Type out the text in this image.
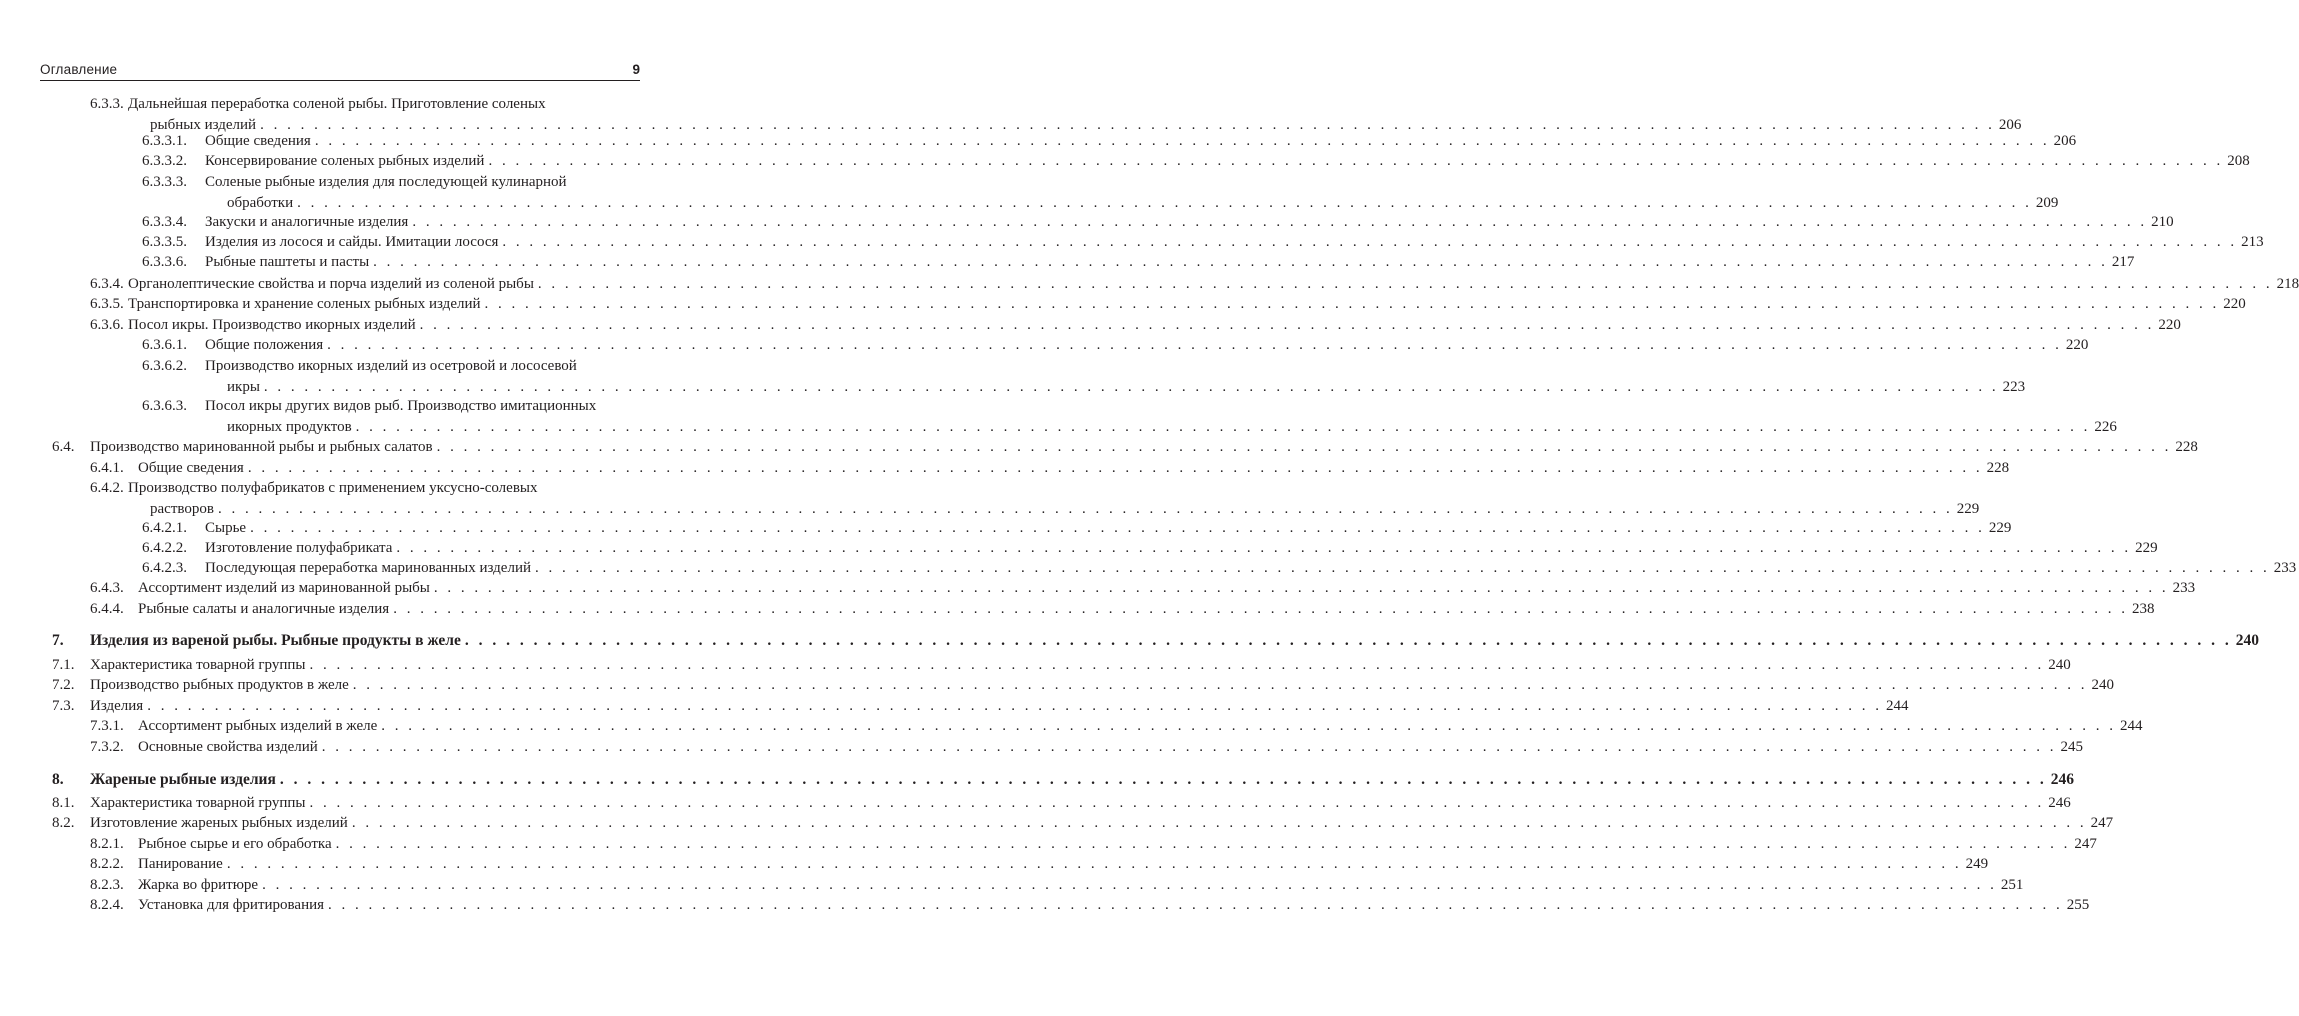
Оглавление	9
6.3.3. Дальнейшая переработка соленой рыбы. Приготовление соленых
рыбных изделий . . . . . . . . . . . . . . . . . . . . . . . . . . . . . . . . . . . . . . . . . . . . . . . . . . . . . . . . . . . . . . . . . . . . . . . . . . . . . . . . . . . . . . . . . . . . . . . . . . . . . . . . . . . . . . . . . . . . . . . . . . . . . . . . . 206
6.3.3.1. Общие сведения . . . . . . . . . . . . . . . . . . . . . . . . . . . . . . . . . . . . . . . . . . . . . . . . . . . . . . . . . . . . . . . . . . . . . . . . . . . . . . . . . . . . . . . . . . . . . . . . . . . . . . . . . . . . . . . . . . . . . . . . . . . . . . . . . 206
6.3.3.2. Консервирование соленых рыбных изделий . . . . . . . . . . . . . . . . . . . . . . . . . . . . . . . . . . . . . . . . . . . . . . . . . . . . . . . . . . . . . . . . . . . . . . . . . . . . . . . . . . . . . . . . . . . . . . . . . . . . . . . . . . . . . . . . . . . . . . . . . . . . . . . . . 208
6.3.3.3. Соленые рыбные изделия для последующей кулинарной
обработки . . . . . . . . . . . . . . . . . . . . . . . . . . . . . . . . . . . . . . . . . . . . . . . . . . . . . . . . . . . . . . . . . . . . . . . . . . . . . . . . . . . . . . . . . . . . . . . . . . . . . . . . . . . . . . . . . . . . . . . . . . . . . . . . . 209
6.3.3.4. Закуски и аналогичные изделия . . . . . . . . . . . . . . . . . . . . . . . . . . . . . . . . . . . . . . . . . . . . . . . . . . . . . . . . . . . . . . . . . . . . . . . . . . . . . . . . . . . . . . . . . . . . . . . . . . . . . . . . . . . . . . . . . . . . . . . . . . . . . . . . . 210
6.3.3.5. Изделия из лосося и сайды. Имитации лосося . . . . . . . . . . . . . . . . . . . . . . . . . . . . . . . . . . . . . . . . . . . . . . . . . . . . . . . . . . . . . . . . . . . . . . . . . . . . . . . . . . . . . . . . . . . . . . . . . . . . . . . . . . . . . . . . . . . . . . . . . . . . . . . . . 213
6.3.3.6. Рыбные паштеты и пасты . . . . . . . . . . . . . . . . . . . . . . . . . . . . . . . . . . . . . . . . . . . . . . . . . . . . . . . . . . . . . . . . . . . . . . . . . . . . . . . . . . . . . . . . . . . . . . . . . . . . . . . . . . . . . . . . . . . . . . . . . . . . . . . . . 217
6.3.4. Органолептические свойства и порча изделий из соленой рыбы . . . . . . . . . . . . . . . . . . . . . . . . . . . . . . . . . . . . . . . . . . . . . . . . . . . . . . . . . . . . . . . . . . . . . . . . . . . . . . . . . . . . . . . . . . . . . . . . . . . . . . . . . . . . . . . . . . . . . . . . . . . . . . . . . 218
6.3.5. Транспортировка и хранение соленых рыбных изделий . . . . . . . . . . . . . . . . . . . . . . . . . . . . . . . . . . . . . . . . . . . . . . . . . . . . . . . . . . . . . . . . . . . . . . . . . . . . . . . . . . . . . . . . . . . . . . . . . . . . . . . . . . . . . . . . . . . . . . . . . . . . . . . . . 220
6.3.6. Посол икры. Производство икорных изделий . . . . . . . . . . . . . . . . . . . . . . . . . . . . . . . . . . . . . . . . . . . . . . . . . . . . . . . . . . . . . . . . . . . . . . . . . . . . . . . . . . . . . . . . . . . . . . . . . . . . . . . . . . . . . . . . . . . . . . . . . . . . . . . . . 220
6.3.6.1. Общие положения . . . . . . . . . . . . . . . . . . . . . . . . . . . . . . . . . . . . . . . . . . . . . . . . . . . . . . . . . . . . . . . . . . . . . . . . . . . . . . . . . . . . . . . . . . . . . . . . . . . . . . . . . . . . . . . . . . . . . . . . . . . . . . . . . 220
6.3.6.2. Производство икорных изделий из осетровой и лососевой
икры . . . . . . . . . . . . . . . . . . . . . . . . . . . . . . . . . . . . . . . . . . . . . . . . . . . . . . . . . . . . . . . . . . . . . . . . . . . . . . . . . . . . . . . . . . . . . . . . . . . . . . . . . . . . . . . . . . . . . . . . . . . . . . . . . 223
6.3.6.3. Посол икры других видов рыб. Производство имитационных
икорных продуктов . . . . . . . . . . . . . . . . . . . . . . . . . . . . . . . . . . . . . . . . . . . . . . . . . . . . . . . . . . . . . . . . . . . . . . . . . . . . . . . . . . . . . . . . . . . . . . . . . . . . . . . . . . . . . . . . . . . . . . . . . . . . . . . . . 226
6.4. Производство маринованной рыбы и рыбных салатов . . . . . . . . . . . . . . . . . . . . . . . . . . . . . . . . . . . . . . . . . . . . . . . . . . . . . . . . . . . . . . . . . . . . . . . . . . . . . . . . . . . . . . . . . . . . . . . . . . . . . . . . . . . . . . . . . . . . . . . . . . . . . . . . . 228
6.4.1. Общие сведения . . . . . . . . . . . . . . . . . . . . . . . . . . . . . . . . . . . . . . . . . . . . . . . . . . . . . . . . . . . . . . . . . . . . . . . . . . . . . . . . . . . . . . . . . . . . . . . . . . . . . . . . . . . . . . . . . . . . . . . . . . . . . . . . . 228
6.4.2. Производство полуфабрикатов с применением уксусно-солевых
растворов . . . . . . . . . . . . . . . . . . . . . . . . . . . . . . . . . . . . . . . . . . . . . . . . . . . . . . . . . . . . . . . . . . . . . . . . . . . . . . . . . . . . . . . . . . . . . . . . . . . . . . . . . . . . . . . . . . . . . . . . . . . . . . . . . 229
6.4.2.1. Сырье . . . . . . . . . . . . . . . . . . . . . . . . . . . . . . . . . . . . . . . . . . . . . . . . . . . . . . . . . . . . . . . . . . . . . . . . . . . . . . . . . . . . . . . . . . . . . . . . . . . . . . . . . . . . . . . . . . . . . . . . . . . . . . . . . 229
6.4.2.2. Изготовление полуфабриката . . . . . . . . . . . . . . . . . . . . . . . . . . . . . . . . . . . . . . . . . . . . . . . . . . . . . . . . . . . . . . . . . . . . . . . . . . . . . . . . . . . . . . . . . . . . . . . . . . . . . . . . . . . . . . . . . . . . . . . . . . . . . . . . . 229
6.4.2.3. Последующая переработка маринованных изделий . . . . . . . . . . . . . . . . . . . . . . . . . . . . . . . . . . . . . . . . . . . . . . . . . . . . . . . . . . . . . . . . . . . . . . . . . . . . . . . . . . . . . . . . . . . . . . . . . . . . . . . . . . . . . . . . . . . . . . . . . . . . . . . . . 233
6.4.3. Ассортимент изделий из маринованной рыбы . . . . . . . . . . . . . . . . . . . . . . . . . . . . . . . . . . . . . . . . . . . . . . . . . . . . . . . . . . . . . . . . . . . . . . . . . . . . . . . . . . . . . . . . . . . . . . . . . . . . . . . . . . . . . . . . . . . . . . . . . . . . . . . . . 233
6.4.4. Рыбные салаты и аналогичные изделия . . . . . . . . . . . . . . . . . . . . . . . . . . . . . . . . . . . . . . . . . . . . . . . . . . . . . . . . . . . . . . . . . . . . . . . . . . . . . . . . . . . . . . . . . . . . . . . . . . . . . . . . . . . . . . . . . . . . . . . . . . . . . . . . . 238
7. Изделия из вареной рыбы. Рыбные продукты в желе . . . . . . . . . . . . . . . . . . . . . . . . . . . . . . . . . . . . . . . . . . . . . . . . . . . . . . . . . . . . . . . . . . . . . . . . . . . . . . . . . . . . . . . . . . . . . . . . . . . . . . . . . . . . . . . . . . . . . . . . . . . . . . . . . 240
7.1. Характеристика товарной группы . . . . . . . . . . . . . . . . . . . . . . . . . . . . . . . . . . . . . . . . . . . . . . . . . . . . . . . . . . . . . . . . . . . . . . . . . . . . . . . . . . . . . . . . . . . . . . . . . . . . . . . . . . . . . . . . . . . . . . . . . . . . . . . . . 240
7.2. Производство рыбных продуктов в желе . . . . . . . . . . . . . . . . . . . . . . . . . . . . . . . . . . . . . . . . . . . . . . . . . . . . . . . . . . . . . . . . . . . . . . . . . . . . . . . . . . . . . . . . . . . . . . . . . . . . . . . . . . . . . . . . . . . . . . . . . . . . . . . . . 240
7.3. Изделия . . . . . . . . . . . . . . . . . . . . . . . . . . . . . . . . . . . . . . . . . . . . . . . . . . . . . . . . . . . . . . . . . . . . . . . . . . . . . . . . . . . . . . . . . . . . . . . . . . . . . . . . . . . . . . . . . . . . . . . . . . . . . . . . . 244
7.3.1. Ассортимент рыбных изделий в желе . . . . . . . . . . . . . . . . . . . . . . . . . . . . . . . . . . . . . . . . . . . . . . . . . . . . . . . . . . . . . . . . . . . . . . . . . . . . . . . . . . . . . . . . . . . . . . . . . . . . . . . . . . . . . . . . . . . . . . . . . . . . . . . . . 244
7.3.2. Основные свойства изделий . . . . . . . . . . . . . . . . . . . . . . . . . . . . . . . . . . . . . . . . . . . . . . . . . . . . . . . . . . . . . . . . . . . . . . . . . . . . . . . . . . . . . . . . . . . . . . . . . . . . . . . . . . . . . . . . . . . . . . . . . . . . . . . . . 245
8. Жареные рыбные изделия . . . . . . . . . . . . . . . . . . . . . . . . . . . . . . . . . . . . . . . . . . . . . . . . . . . . . . . . . . . . . . . . . . . . . . . . . . . . . . . . . . . . . . . . . . . . . . . . . . . . . . . . . . . . . . . . . . . . . . . . . . . . . . . . . 246
8.1. Характеристика товарной группы . . . . . . . . . . . . . . . . . . . . . . . . . . . . . . . . . . . . . . . . . . . . . . . . . . . . . . . . . . . . . . . . . . . . . . . . . . . . . . . . . . . . . . . . . . . . . . . . . . . . . . . . . . . . . . . . . . . . . . . . . . . . . . . . . 246
8.2. Изготовление жареных рыбных изделий . . . . . . . . . . . . . . . . . . . . . . . . . . . . . . . . . . . . . . . . . . . . . . . . . . . . . . . . . . . . . . . . . . . . . . . . . . . . . . . . . . . . . . . . . . . . . . . . . . . . . . . . . . . . . . . . . . . . . . . . . . . . . . . . . 247
8.2.1. Рыбное сырье и его обработка . . . . . . . . . . . . . . . . . . . . . . . . . . . . . . . . . . . . . . . . . . . . . . . . . . . . . . . . . . . . . . . . . . . . . . . . . . . . . . . . . . . . . . . . . . . . . . . . . . . . . . . . . . . . . . . . . . . . . . . . . . . . . . . . . 247
8.2.2. Панирование . . . . . . . . . . . . . . . . . . . . . . . . . . . . . . . . . . . . . . . . . . . . . . . . . . . . . . . . . . . . . . . . . . . . . . . . . . . . . . . . . . . . . . . . . . . . . . . . . . . . . . . . . . . . . . . . . . . . . . . . . . . . . . . . . 249
8.2.3. Жарка во фритюре . . . . . . . . . . . . . . . . . . . . . . . . . . . . . . . . . . . . . . . . . . . . . . . . . . . . . . . . . . . . . . . . . . . . . . . . . . . . . . . . . . . . . . . . . . . . . . . . . . . . . . . . . . . . . . . . . . . . . . . . . . . . . . . . . 251
8.2.4. Установка для фритирования . . . . . . . . . . . . . . . . . . . . . . . . . . . . . . . . . . . . . . . . . . . . . . . . . . . . . . . . . . . . . . . . . . . . . . . . . . . . . . . . . . . . . . . . . . . . . . . . . . . . . . . . . . . . . . . . . . . . . . . . . . . . . . . . . 255
